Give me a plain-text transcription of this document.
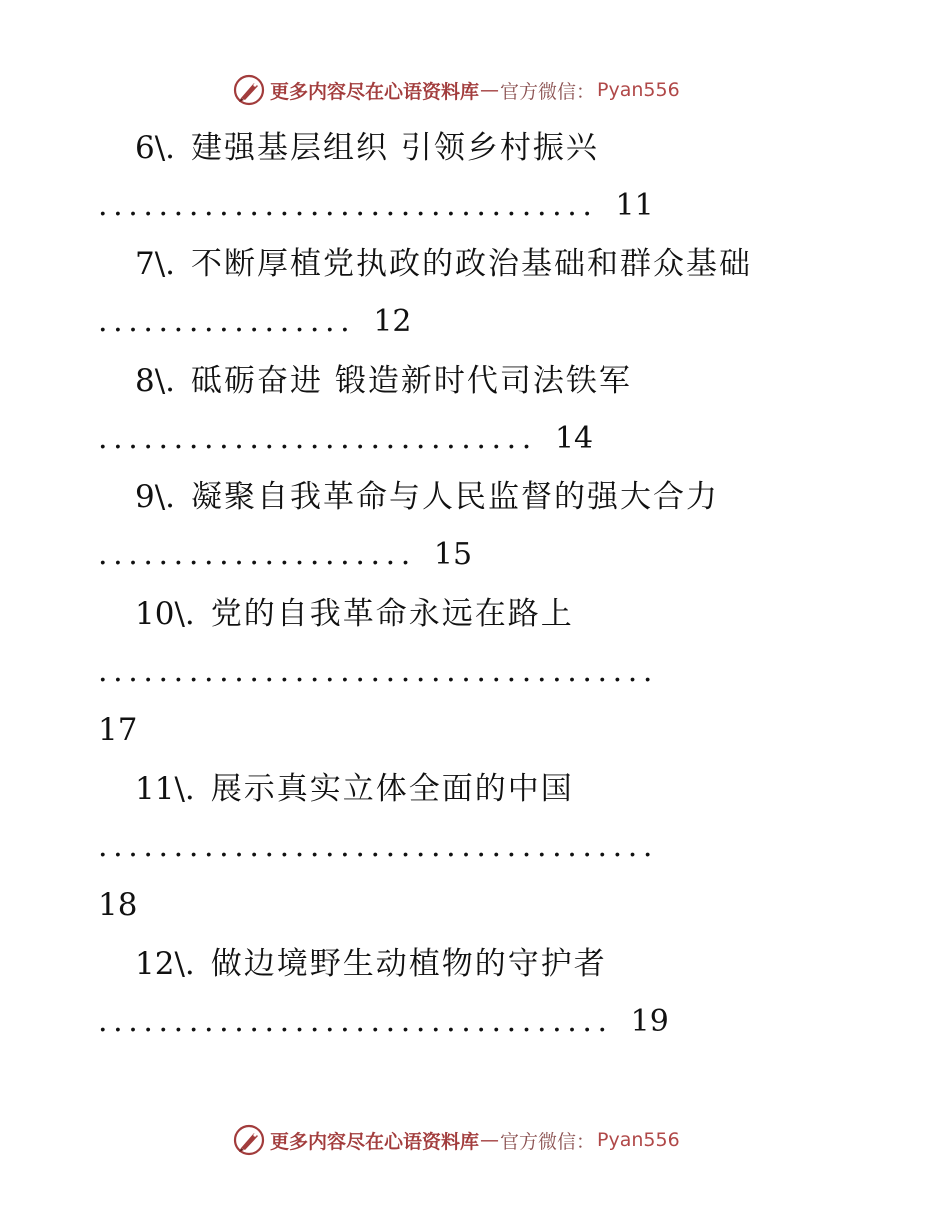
更多内容尽在心语资料库 — 官方微信： Pyan556
6\. 建强基层组织 引领乡村振兴
................................. 11
7\. 不断厚植党执政的政治基础和群众基础
................. 12
8\. 砥砺奋进 锻造新时代司法铁军
............................. 14
9\. 凝聚自我革命与人民监督的强大合力
..................... 15
10\. 党的自我革命永远在路上
.....................................
17
11\. 展示真实立体全面的中国
.....................................
18
12\. 做边境野生动植物的守护者
.................................. 19
更多内容尽在心语资料库 — 官方微信： Pyan556
